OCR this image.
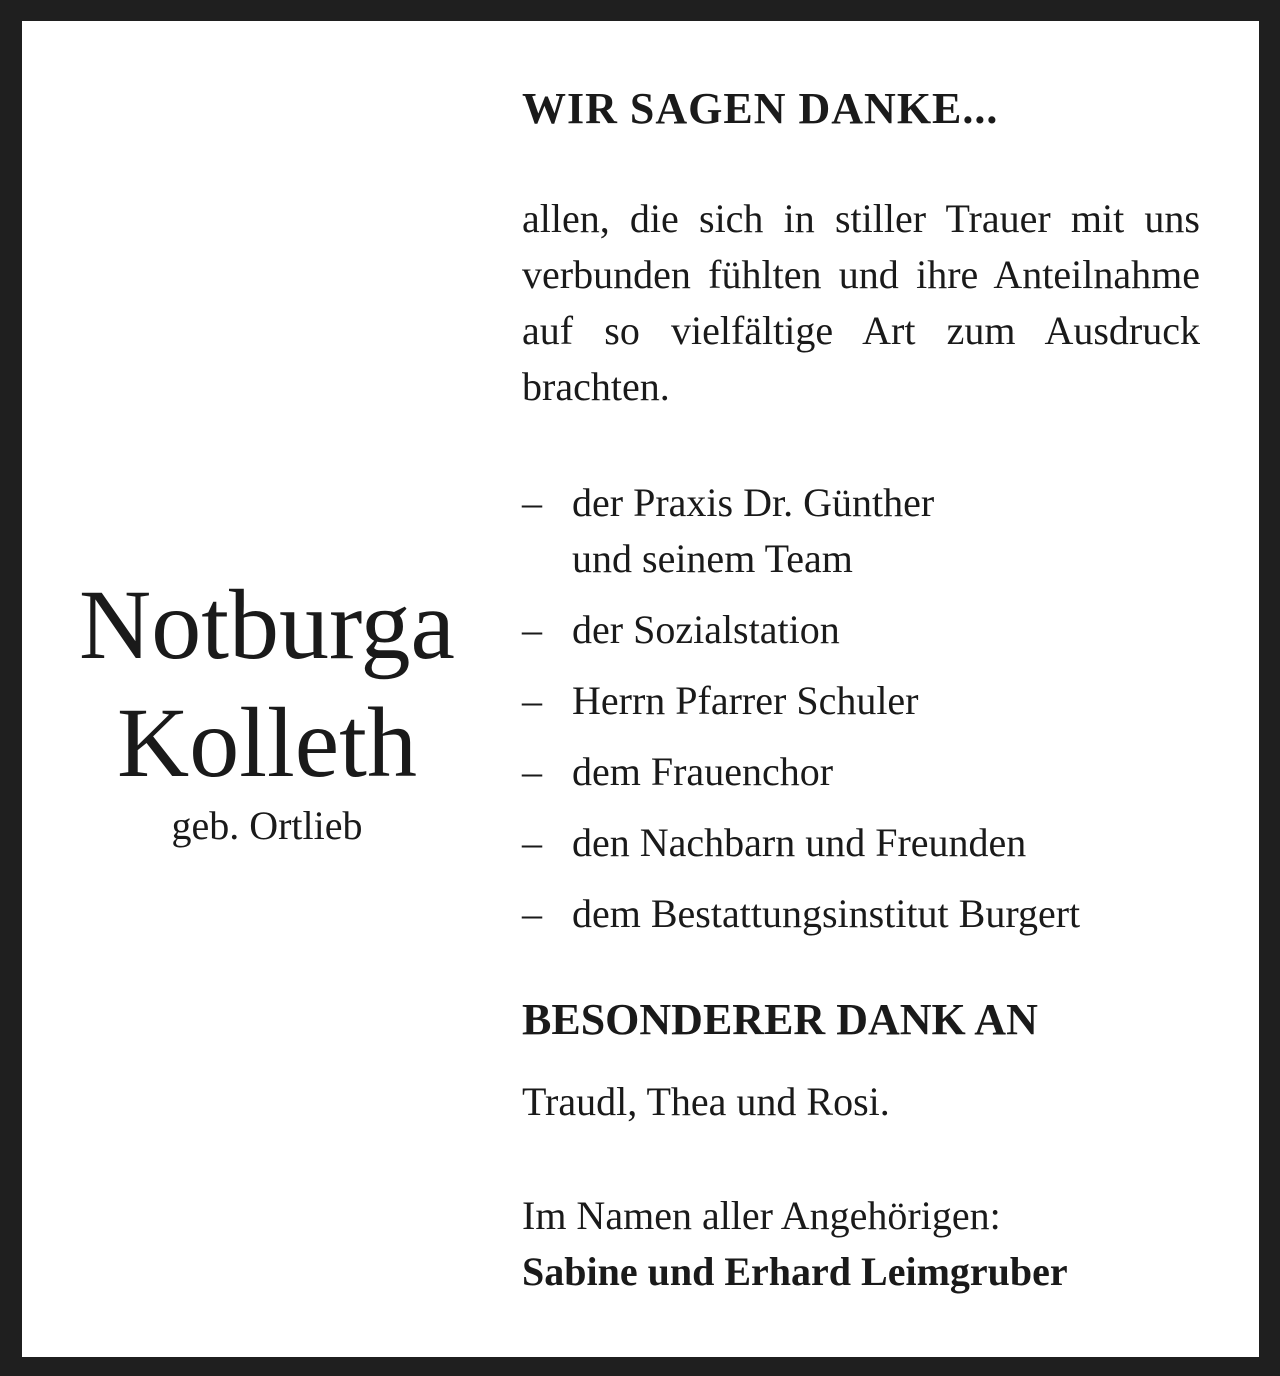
Notburga
Kolleth
geb. Ortlieb
WIR SAGEN DANKE...

allen, die sich in stiller Trauer mit uns verbunden fühlten und ihre Anteilnahme auf so vielfältige Art zum Ausdruck brachten.

– der Praxis Dr. Günther
und seinem Team
– der Sozialstation
– Herrn Pfarrer Schuler
– dem Frauenchor
– den Nachbarn und Freunden
– dem Bestattungsinstitut Burgert
BESONDERER DANK AN

Traudl, Thea und Rosi.

Im Namen aller Angehörigen:

Sabine und Erhard Leimgruber
